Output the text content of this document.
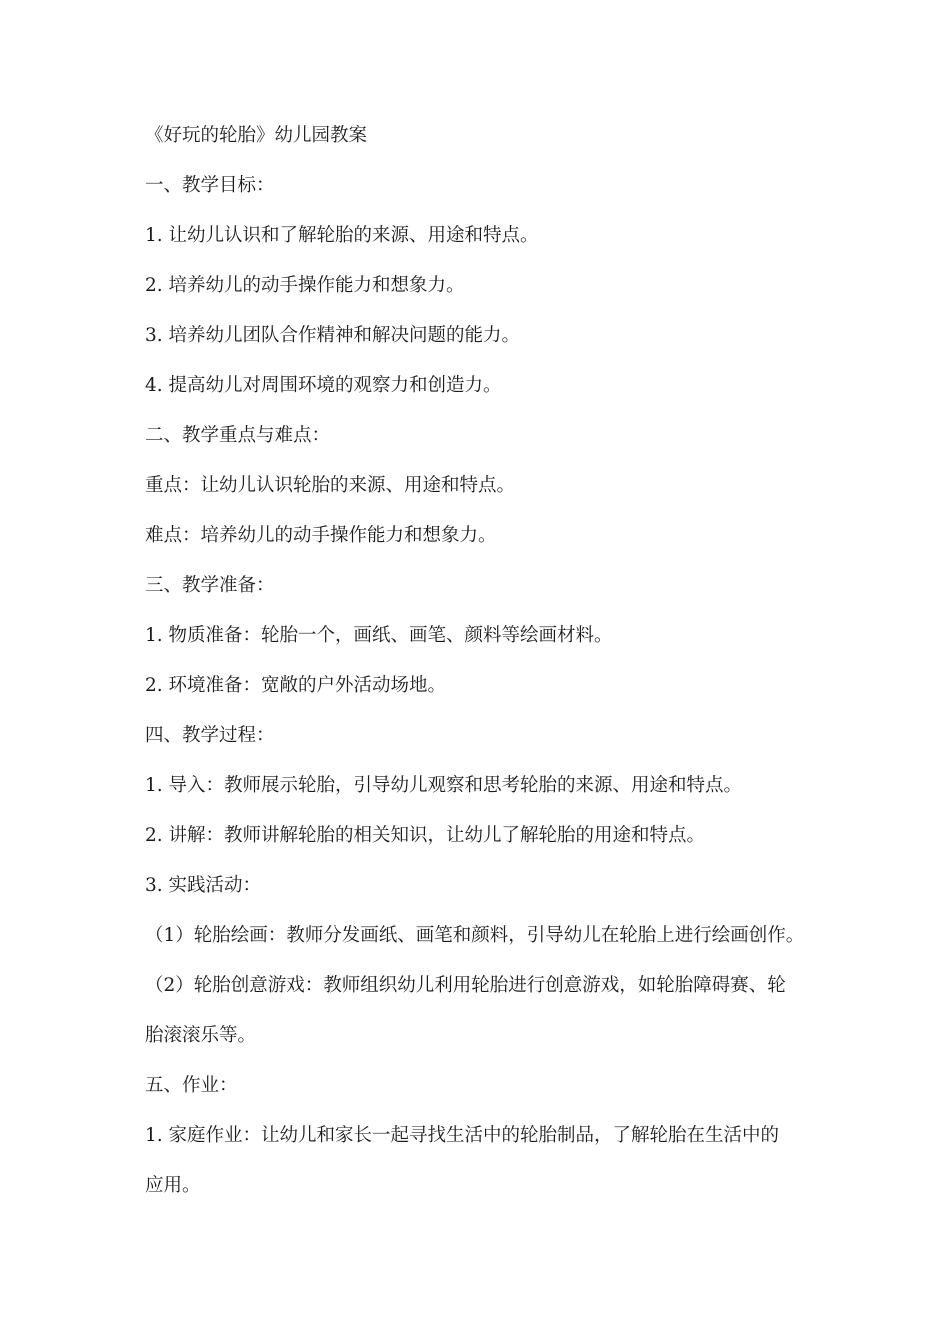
《好玩的轮胎》幼儿园教案
一、教学目标：
1. 让幼儿认识和了解轮胎的来源、用途和特点。
2. 培养幼儿的动手操作能力和想象力。
3. 培养幼儿团队合作精神和解决问题的能力。
4. 提高幼儿对周围环境的观察力和创造力。
二、教学重点与难点：
重点：让幼儿认识轮胎的来源、用途和特点。
难点：培养幼儿的动手操作能力和想象力。
三、教学准备：
1. 物质准备：轮胎一个，画纸、画笔、颜料等绘画材料。
2. 环境准备：宽敞的户外活动场地。
四、教学过程：
1. 导入：教师展示轮胎，引导幼儿观察和思考轮胎的来源、用途和特点。
2. 讲解：教师讲解轮胎的相关知识，让幼儿了解轮胎的用途和特点。
3. 实践活动：
（1）轮胎绘画：教师分发画纸、画笔和颜料，引导幼儿在轮胎上进行绘画创作。
（2）轮胎创意游戏：教师组织幼儿利用轮胎进行创意游戏，如轮胎障碍赛、轮
胎滚滚乐等。
五、作业：
1. 家庭作业：让幼儿和家长一起寻找生活中的轮胎制品，了解轮胎在生活中的
应用。
